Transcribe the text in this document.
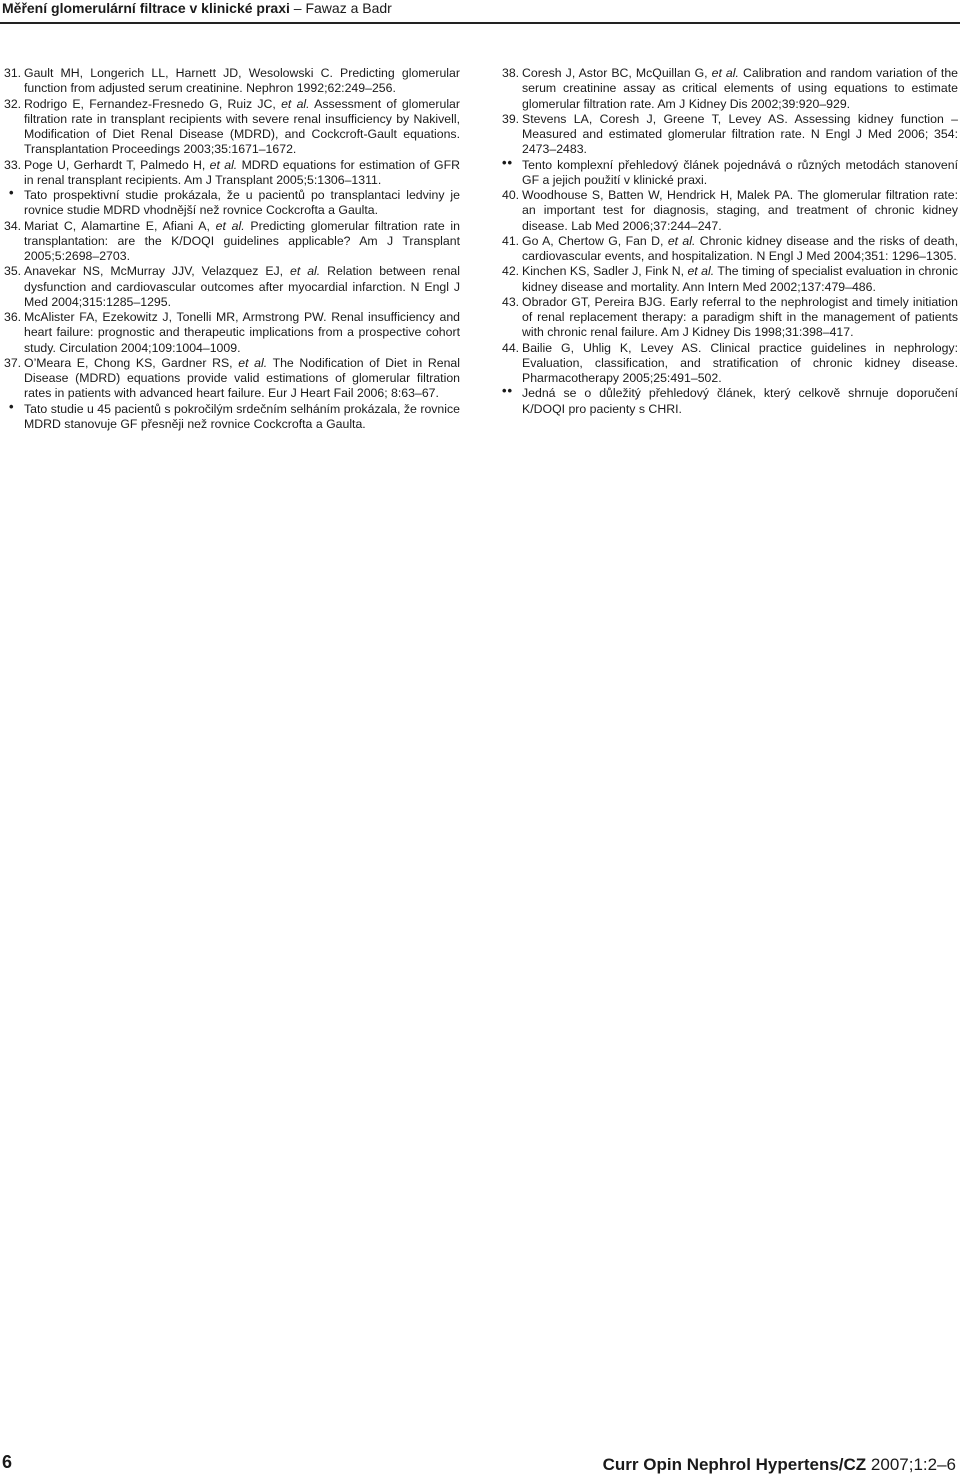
Měření glomerulární filtrace v klinické praxi – Fawaz a Badr
31. Gault MH, Longerich LL, Harnett JD, Wesolowski C. Predicting glomerular function from adjusted serum creatinine. Nephron 1992;62:249–256.
32. Rodrigo E, Fernandez-Fresnedo G, Ruiz JC, et al. Assessment of glomerular filtration rate in transplant recipients with severe renal insufficiency by Nakivell, Modification of Diet Renal Disease (MDRD), and Cockcroft-Gault equations. Transplantation Proceedings 2003;35:1671–1672.
33. Poge U, Gerhardt T, Palmedo H, et al. MDRD equations for estimation of GFR in renal transplant recipients. Am J Transplant 2005;5:1306–1311.
• Tato prospektivní studie prokázala, že u pacientů po transplantaci ledviny je rovnice studie MDRD vhodnější než rovnice Cockcrofta a Gaulta.
34. Mariat C, Alamartine E, Afiani A, et al. Predicting glomerular filtration rate in transplantation: are the K/DOQI guidelines applicable? Am J Transplant 2005;5:2698–2703.
35. Anavekar NS, McMurray JJV, Velazquez EJ, et al. Relation between renal dysfunction and cardiovascular outcomes after myocardial infarction. N Engl J Med 2004;315:1285–1295.
36. McAlister FA, Ezekowitz J, Tonelli MR, Armstrong PW. Renal insufficiency and heart failure: prognostic and therapeutic implications from a prospective cohort study. Circulation 2004;109:1004–1009.
37. O’Meara E, Chong KS, Gardner RS, et al. The Nodification of Diet in Renal Disease (MDRD) equations provide valid estimations of glomerular filtration rates in patients with advanced heart failure. Eur J Heart Fail 2006; 8:63–67.
• Tato studie u 45 pacientů s pokročilým srdečním selháním prokázala, že rovnice MDRD stanovuje GF přesněji než rovnice Cockcrofta a Gaulta.
38. Coresh J, Astor BC, McQuillan G, et al. Calibration and random variation of the serum creatinine assay as critical elements of using equations to estimate glomerular filtration rate. Am J Kidney Dis 2002;39:920–929.
39. Stevens LA, Coresh J, Greene T, Levey AS. Assessing kidney function – Measured and estimated glomerular filtration rate. N Engl J Med 2006; 354: 2473–2483.
•• Tento komplexní přehledový článek pojednává o různých metodách stanovení GF a jejich použití v klinické praxi.
40. Woodhouse S, Batten W, Hendrick H, Malek PA. The glomerular filtration rate: an important test for diagnosis, staging, and treatment of chronic kidney disease. Lab Med 2006;37:244–247.
41. Go A, Chertow G, Fan D, et al. Chronic kidney disease and the risks of death, cardiovascular events, and hospitalization. N Engl J Med 2004;351: 1296–1305.
42. Kinchen KS, Sadler J, Fink N, et al. The timing of specialist evaluation in chronic kidney disease and mortality. Ann Intern Med 2002;137:479–486.
43. Obrador GT, Pereira BJG. Early referral to the nephrologist and timely initiation of renal replacement therapy: a paradigm shift in the management of patients with chronic renal failure. Am J Kidney Dis 1998;31:398–417.
44. Bailie G, Uhlig K, Levey AS. Clinical practice guidelines in nephrology: Evaluation, classification, and stratification of chronic kidney disease. Pharmacotherapy 2005;25:491–502.
•• Jedná se o důležitý přehledový článek, který celkově shrnuje doporučení K/DOQI pro pacienty s CHRI.
6	Curr Opin Nephrol Hypertens/CZ 2007;1:2–6
